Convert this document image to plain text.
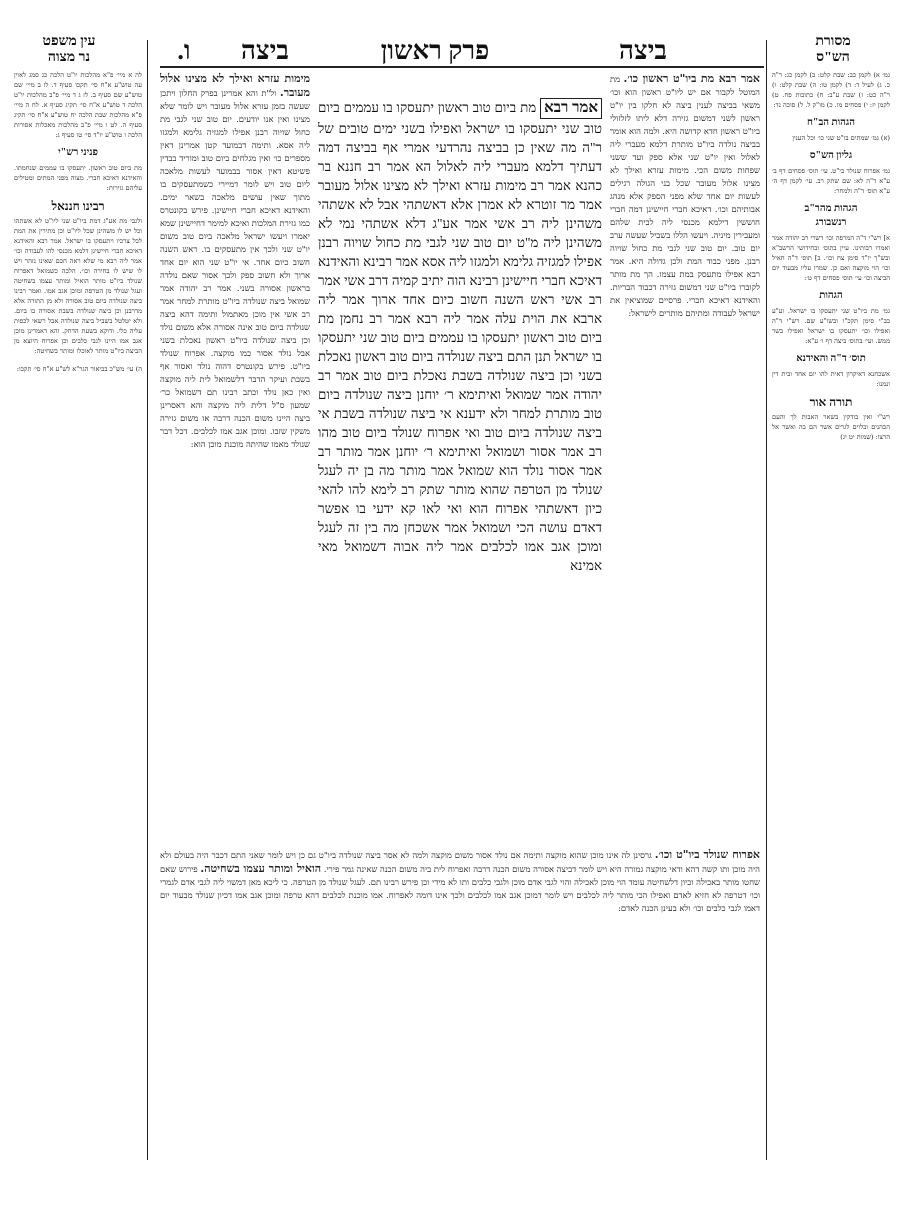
מסורת
הש"ס
ביצה
פרק ראשון
ביצה
ו.
עין משפט
נר מצוה
גמ׳ א) לקמן כב: שבת קלט: ב) לקמן כג: ר"ה כ. ג) לעיל ד: ד) לקמן טו: ה) שבת קלט: ו) ר"ה כט: ז) שבת ע"ב: ח) כתובות פח. ט) לקמן יז: י) פסחים מו. כ) מו"ק ל. ל) סוכה נד:
הגהות הב"ח
(א) גמ׳ שמתים בו"ט שני כו׳ וכל הענין
גליון הש"ס
גמ׳ אפרוח שנולד בי"ט. עי׳ תוס׳ פסחים דף ב׳ ע"א ד"ה לא: שם שתק רב. עי׳ לקמן דף ה׳ ע"א תוס׳ ד"ה ולמחר:
הגהות מהר"ב
רנשבורג
א] רש"י ד"ה המרפה וכו׳ דשרי רב יהודה אמר ואמרו רבותינו. עיין בתוס׳ ובחידושי הרשב"א ובש"ך יו"ד סימן צח וכו׳. ב] תוס׳ ד"ה חאיל וכו׳ הוי מוקצה ואם כן. שמרו עליו מבעוד יום הביצה וכו׳ עי׳ תוס׳ פסחים דף ט׳:
הגהות
גמ׳ מת ביו"ט שני יתעסקו בו ישראל. וע"ע בב"י סימן תקכ"ו ובשו"ע שם. רש"י ד"ה ואפילו וכו׳ יתעסקו בו ישראל ואפילו בשר ממש. ועי׳ בתוס׳ ביצה דף ו׳ ע"א:
תוס׳ ד"ה והאידנא
אשכחנא דאיקרון דאית להו יום אחד ובית דין ונמנו:
תורה אור
רש"י ואין בודקין בשאר האבות לך והעם הכהנים ובלוים לגרים אשר הם בה ואשר אל הרצו: (שמות יט יג)
אמר רבא מת ביו"ט ראשון כו׳. מת המוטל לקבור אם יש ליו"ט ראשון הוא וכו׳ משאי בביצה לענין ביצה לא חלקו בין יו"ט ראשון לשני דמשום גזירה דלא ליתו לזלזולי ביו"ט ראשון חדא קדושה היא. ולמה הוא אומר בביצה נולדה ביו"ט מותרת דלמא מעברי ליה לאלול ואין יו"ט שני אלא ספק ועד ששני שפחות משום הכי. מימות עזרא ואילך לא מצינו אלול מעובר שכל בני הגולה רגילים לעשות יום אחד שלא מפני הספק אלא מנהג אבותיהם וכו׳. דאיכא חברי חיישינן דמה חברי חוששין דילמא מכנסי ליה לבית שלהם ומעבירין מיניה. ויעשו הללו בשביל שעשה ערב יום טוב. יום טוב שני לגבי מת כחול שויוה רבנן. מפני כבוד המת ולכן גדולה היא. אמר רבא אפילו מתעסק במת עצמו. הך מת מותר לקוברו ביו"ט שני דמשום גזירה דכבוד הבריות. והאידנא דאיכא חברי. פרסיים שמוציאין את ישראל לעבודה ומתיהם מותרים לישראל:
מימות עזרא ואילך לא מצינו אלול מעובר. ול"ת והא אמרינן בפרק החלון ויתכן שעשה בזמן עזרא אלול מעובר ויש לומר שלא מצינו ואין אנו יודעים. יום טוב שני לגבי מת כחול שויוה רבנן אפילו למגזיה גלימא ולמגזו ליה אסא. ותימה דבמועד קטן אמרינן דאין מספרים כו׳ ואין מגלחים ביום טוב ומוריד בבדין פשיטא דאין אסור בבמועד לעשות מלאכה ליום טוב ויש לומר דמיירי כשמתעסקים בו מתוך שאין עושים מלאכה בשאר ימים. והאידנא דאיכא חברי חיישינן. פירש בקונטרס כמו גזירת המלכות ואיכא למימר דחיישינן שמא יאמרו ויעשו ישראל מלאכה ביום טוב משום יו"ט שני ולכך אין מתעסקים בו. ראש השנה חשוב כיום אחד. אי יו"ט שני הוא יום אחד ארוך ולא חשוב ספק ולכך אסור שאם נולדה בראשון אסורה בשני. אמר רב יהודה אמר שמואל ביצה שנולדה ביו"ט מותרת למחר אמר רב אשי אין מוכן מאתמול ותימה דהא ביצה שנולדה ביום טוב אינה אסורה אלא משום נולד וכן ביצה שנולדה ביו"ט ראשון נאכלת בשני אבל נולד אסור כמו מוקצה. אפרוח שנולד ביו"ט. פירש בקונטרס דהוה נולד ואסור אף בשבת ועיקר הדבר דלשמואל לית ליה מוקצה ואין כאן נולד וכתב רבינו תם דשמואל כר׳ שמעון ס"ל דלית ליה מוקצה והא דאסרינן ביצה היינו משום הכנה דרבה או משום גזירה משקין שזבו. ומוכן אגב אמו לכלבים. דכל דבר שנולד מאמו שהיתה מוכנת מוכן הוא:
אמר רבא מת ביום טוב ראשון יתעסקו בו עממים ביום טוב שני יתעסקו בו ישראל ואפילו בשני ימים טובים של ר"ה מה שאין כן בביצה נהרדעי אמרי אף בביצה דמה דעתיך דלמא מעברי ליה לאלול הא אמר רב חננא בר כהנא אמר רב מימות עזרא ואילך לא מצינו אלול מעובר אמר מר זוטרא לא אמרן אלא דאשתהי אבל לא אשתהי משהינן ליה רב אשי אמר אע"ג דלא אשתהי נמי לא משהינן ליה מ"ט יום טוב שני לגבי מת כחול שויוה רבנן אפילו למגזיה גלימא ולמגזו ליה אסא אמר רבינא והאידנא דאיכא חברי חיישינן רבינא הוה יתיב קמיה דרב אשי אמר רב אשי ראש השנה חשוב כיום אחד ארוך אמר ליה ארבא את הוית עלה אמר ליה רבא אמר רב נחמן מת ביום טוב ראשון יתעסקו בו עממים ביום טוב שני יתעסקו בו ישראל תנן התם ביצה שנולדה ביום טוב ראשון נאכלת בשני וכן ביצה שנולדה בשבת נאכלת ביום טוב אמר רב יהודה אמר שמואל ואיתימא ר׳ יוחנן ביצה שנולדה ביום טוב מותרת למחר ולא ידענא אי ביצה שנולדה בשבת אי ביצה שנולדה ביום טוב ואי אפרוח שנולד ביום טוב מהו רב אמר אסור ושמואל ואיתימא ר׳ יוחנן אמר מותר רב אמר אסור נולד הוא שמואל אמר מותר מה בן יה לעגל שנולד מן הטרפה שהוא מותר שתק רב לימא להו להאי כיון דאשתהי אפרוח הוא ואי לאו קא ידעי בו אפשר דאדם עושה הכי ושמואל אמר אשכחן מה בין זה לעגל ומוכן אגב אמו לכלבים אמר ליה אבוה דשמואל מאי אמינא
אפרוח שנולד ביו"ט וכו׳. גרסינן לה אינו מוכן שהוא מוקצה ותימה אם נולד אסור משום מוקצה ולמה לא אסר ביצה שנולדה ביו"ט גם כן ויש לומר שאני התם דכבר היה בעולם ולא היה מוכן ותו קשה דהא ודאי מוקצה גמורה היא ויש לומר דביצה אסורה משום הכנה דרבה ואפרוח לית ביה משום הכנה שאינה גמר פירי. הואיל ומותר עצמו בשחיטה. פירוש שאם שחטו מותר באכילה וכיון דלשחיטה עומד הוי מוכן לאכילה והוי לגבי אדם מוכן ולגבי כלבים ותו לא מידי וכן פירש רבינו תם. לעגל שנולד מן הטרפה. כי ליכא מאן דמשוי ליה לגבי אדם לגמרי וכו׳ דטרפה לא חזיא לאדם ואפילו הכי מותר ליה לכלבים ויש לומר דמוכן אגב אמו לכלבים ולכך אינו דומה לאפרוח. אמו מוכנת לכלבים דהא טרפה ומוכן אגב אמו דכיון שנולד מבעוד יום דאמו לגבי כלבים וכו׳ ולא בעינן הכנה לאדם:
לה א מיי׳ פ"א מהלכות יו"ט הלכה כג סמג לאוין עה טוש"ע א"ח סי׳ תקכו סעיף ד. לו ב מיי׳ שם טוש"ע שם סעיף ב. לז ג ד מיי׳ פ"ב מהלכות יו"ט הלכה ד טוש"ע א"ח סי׳ תקיג סעיף א. לח ה מיי׳ פ"א מהלכות שבת הלכה יח טוש"ע א"ח סי׳ תקיג סעיף ה. לט ו מיי׳ פ"ב מהלכות מאכלות אסורות הלכה ו טוש"ע יו"ד סי׳ טו סעיף ג:
פניני רש"י
מת ביום טוב ראשון. יתעסקו בו עממים שנחמתו. והאידנא דאיכא חברי. מצוה מפני המתים ומטילים עליהם גזירות:
רבינו חננאל
ולגבי מת אע"ג דמת ביו"ט שני ליו"ט לא אשתהו וכל יש לו משהינן שכל ליו"ט וכן מתירין את המת לכל צרכיו ויתעסקו בו ישראל. אמר רבא והאידנא דאיכא חברי חיישינן דלמא מכנסי להו לעבודה וכו׳ אמר ליה רבא מי שלא ראה חכם שאינו נזהר ויש לו שיש לו בחירה וכו׳. הלכה כשמואל דאפרוח שנולד ביו"ט מותר הואיל ומותר עצמו בשחיטה ועגל שנולד מן הטרפה ומוכן אגב אמו. ואמר רבינו ביצה שנולדה ביום טוב אסורה ולא מן התורה אלא מדרבנן וכן ביצה שנולדה בשבת אסורה בו ביום. ולא יטלטל בשביל ביצה שנולדה אבל רשאי לכפות עליה כלי. ודוקא בשעת הדחק. והא דאמרינן מוכן אגב אמו היינו לגבי כלבים וכן אפרוח היוצא מן הביצה ביו"ט מותר לאוכלו ומותר בשחיטה:
ה) עי׳ מש"כ בביאור הגר"א לש"ע א"ח סי׳ תקכו:
